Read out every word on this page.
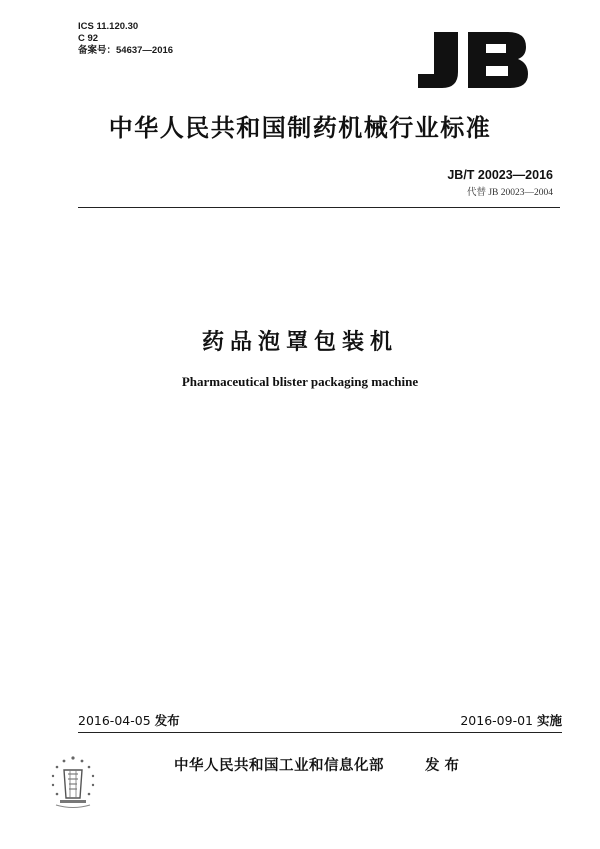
ICS 11.120.30
C 92
备案号：54637—2016
中华人民共和国制药机械行业标准
JB/T 20023—2016
代替 JB 20023—2004
药品泡罩包装机
Pharmaceutical blister packaging machine
2016-04-05 发布	2016-09-01 实施
中华人民共和国工业和信息化部	发布
